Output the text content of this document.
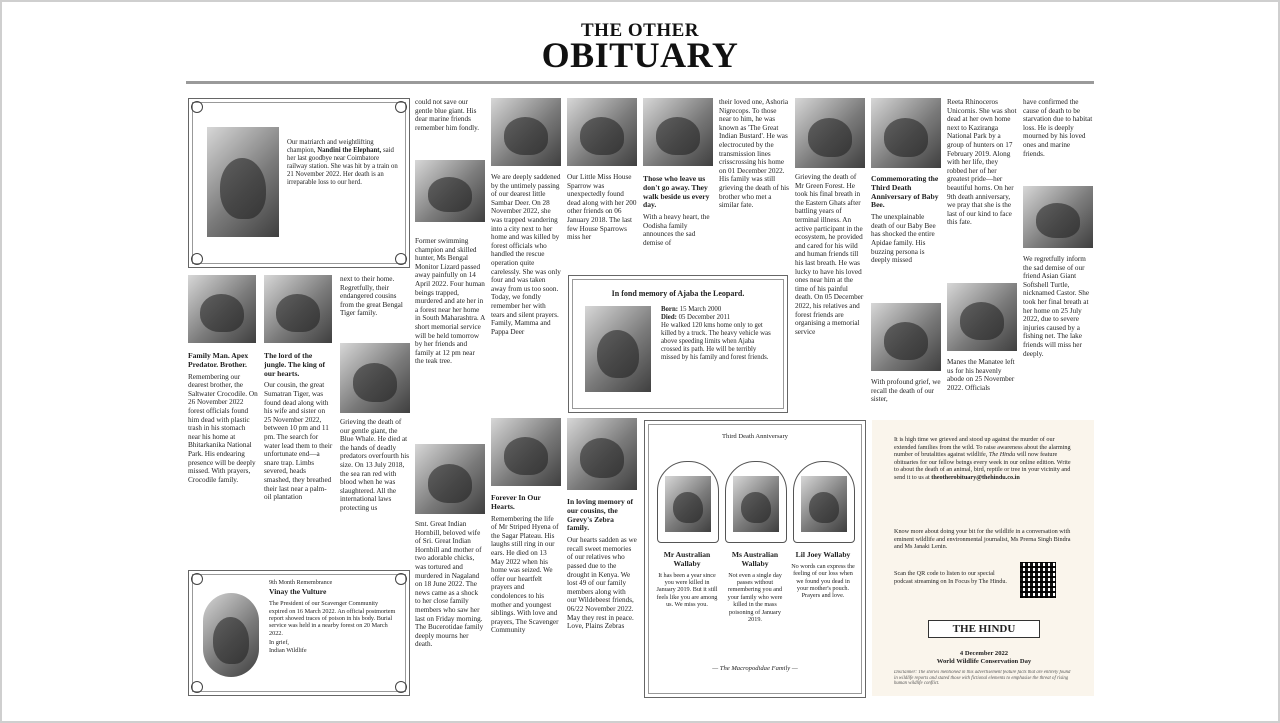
THE OTHER
OBITUARY
Our matriarch and weightlifting champion, Nandini the Elephant, said her last goodbye near Coimbatore railway station. She was hit by a train on 21 November 2022. Her death is an irreparable loss to our herd.
could not save our gentle blue giant. His dear marine friends remember him fondly.
Former swimming champion and skilled hunter, Ms Bengal Monitor Lizard passed away painfully on 14 April 2022. Four human beings trapped, murdered and ate her in a forest near her home in South Maharashtra. A short memorial service will be held tomorrow by her friends and family at 12 pm near the teak tree.
Smt. Great Indian Hornbill, beloved wife of Sri. Great Indian Hornbill and mother of two adorable chicks, was tortured and murdered in Nagaland on 18 June 2022. The news came as a shock to her close family members who saw her last on Friday morning. The Bucerotidae family deeply mourns her death.
We are deeply saddened by the untimely passing of our dearest little Sambar Deer. On 28 November 2022, she was trapped wandering into a city next to her home and was killed by forest officials who handled the rescue operation quite carelessly. She was only four and was taken away from us too soon. Today, we fondly remember her with tears and silent prayers. Family, Mamma and Pappa Deer
Forever In Our Hearts.

Remembering the life of Mr Striped Hyena of the Sagar Plateau. His laughs still ring in our ears. He died on 13 May 2022 when his home was seized. We offer our heartfelt prayers and condolences to his mother and youngest siblings. With love and prayers, The Scavenger Community

Our Little Miss House Sparrow was unexpectedly found dead along with her 200 other friends on 06 January 2018. The last few House Sparrows miss her
In loving memory of our cousins, the Grevy's Zebra family.

Our hearts sadden as we recall sweet memories of our relatives who passed due to the drought in Kenya. We lost 49 of our family members along with our Wildebeest friends, 06/22 November 2022. May they rest in peace. Love, Plains Zebras

Those who leave us don't go away. They walk beside us every day.

With a heavy heart, the Oodisha family announces the sad demise of

their loved one, Ashoria Nigrecops. To those near to him, he was known as 'The Great Indian Bustard'. He was electrocuted by the transmission lines crisscrossing his home on 01 December 2022. His family was still grieving the death of his brother who met a similar fate.
In fond memory of Ajaba the Leopard.
Born: 15 March 2000
Died: 05 December 2011

He walked 120 kms home only to get killed by a truck. The heavy vehicle was above speeding limits when Ajaba crossed its path. He will be terribly missed by his family and forest friends.

Grieving the death of Mr Green Forest. He took his final breath in the Eastern Ghats after battling years of terminal illness. An active participant in the ecosystem, he provided and cared for his wild and human friends till his last breath. He was lucky to have his loved ones near him at the time of his painful death. On 05 December 2022, his relatives and forest friends are organising a memorial service
Commemorating the Third Death Anniversary of Baby Bee.

The unexplainable death of our Baby Bee has shocked the entire Apidae family. His buzzing persona is deeply missed

With profound grief, we recall the death of our sister,
Reeta Rhinoceros Unicornis. She was shot dead at her own home next to Kaziranga National Park by a group of hunters on 17 February 2019. Along with her life, they robbed her of her greatest pride—her beautiful horns. On her 9th death anniversary, we pray that she is the last of our kind to face this fate.
Manes the Manatee left us for his heavenly abode on 25 November 2022. Officials
have confirmed the cause of death to be starvation due to habitat loss. He is deeply mourned by his loved ones and marine friends.
We regretfully inform the sad demise of our friend Asian Giant Softshell Turtle, nicknamed Castor. She took her final breath at her home on 25 July 2022, due to severe injuries caused by a fishing net. The lake friends will miss her deeply.
Family Man. Apex Predator. Brother.

Remembering our dearest brother, the Saltwater Crocodile. On 26 November 2022 forest officials found him dead with plastic trash in his stomach near his home at Bhitarkanika National Park. His endearing presence will be deeply missed. With prayers, Crocodile family.

The lord of the jungle. The king of our hearts.

Our cousin, the great Sumatran Tiger, was found dead along with his wife and sister on 25 November 2022, between 10 pm and 11 pm. The search for water lead them to their unfortunate end—a snare trap. Limbs severed, heads smashed, they breathed their last near a palm-oil plantation

next to their home. Regretfully, their endangered cousins from the great Bengal Tiger family.
Grieving the death of our gentle giant, the Blue Whale. He died at the hands of deadly predators overfourth his size. On 13 July 2018, the sea ran red with blood when he was slaughtered. All the international laws protecting us
9th Month Remembrance
Vinay the Vulture

The President of our Scavenger Community expired on 16 March 2022. An official postmortem report showed traces of poison in his body. Burial service was held in a nearby forest on 20 March 2022.

In grief,
Indian Wildlife
Third Death Anniversary
Mr Australian Wallaby

It has been a year since you were killed in January 2019. But it still feels like you are among us. We miss you.

Ms Australian Wallaby

Not even a single day passes without remembering you and your family who were killed in the mass poisoning of January 2019.

Lil Joey Wallaby

No words can express the feeling of our loss when we found you dead in your mother's pouch. Prayers and love.

— The Macropodidae Family —
It is high time we grieved and stood up against the murder of our extended families from the wild. To raise awareness about the alarming number of brutalities against wildlife, The Hindu will now feature obituaries for our fellow beings every week in our online edition. Write to about the death of an animal, bird, reptile or tree in your vicinity and send it to us at theotherobituary@thehindu.co.in
Know more about doing your bit for the wildlife in a conversation with eminent wildlife and environmental journalist, Ms Prerna Singh Bindra and Ms Janaki Lenin.
Scan the QR code to listen to our special podcast streaming on In Focus by The Hindu.
THE HINDU
4 December 2022
World Wildlife Conservation Day
Disclaimer: The stories mentioned in this advertisement feature facts that are entirely found in wildlife reports and stated those with fictional elements to emphasise the threat of rising human wildlife conflict.
